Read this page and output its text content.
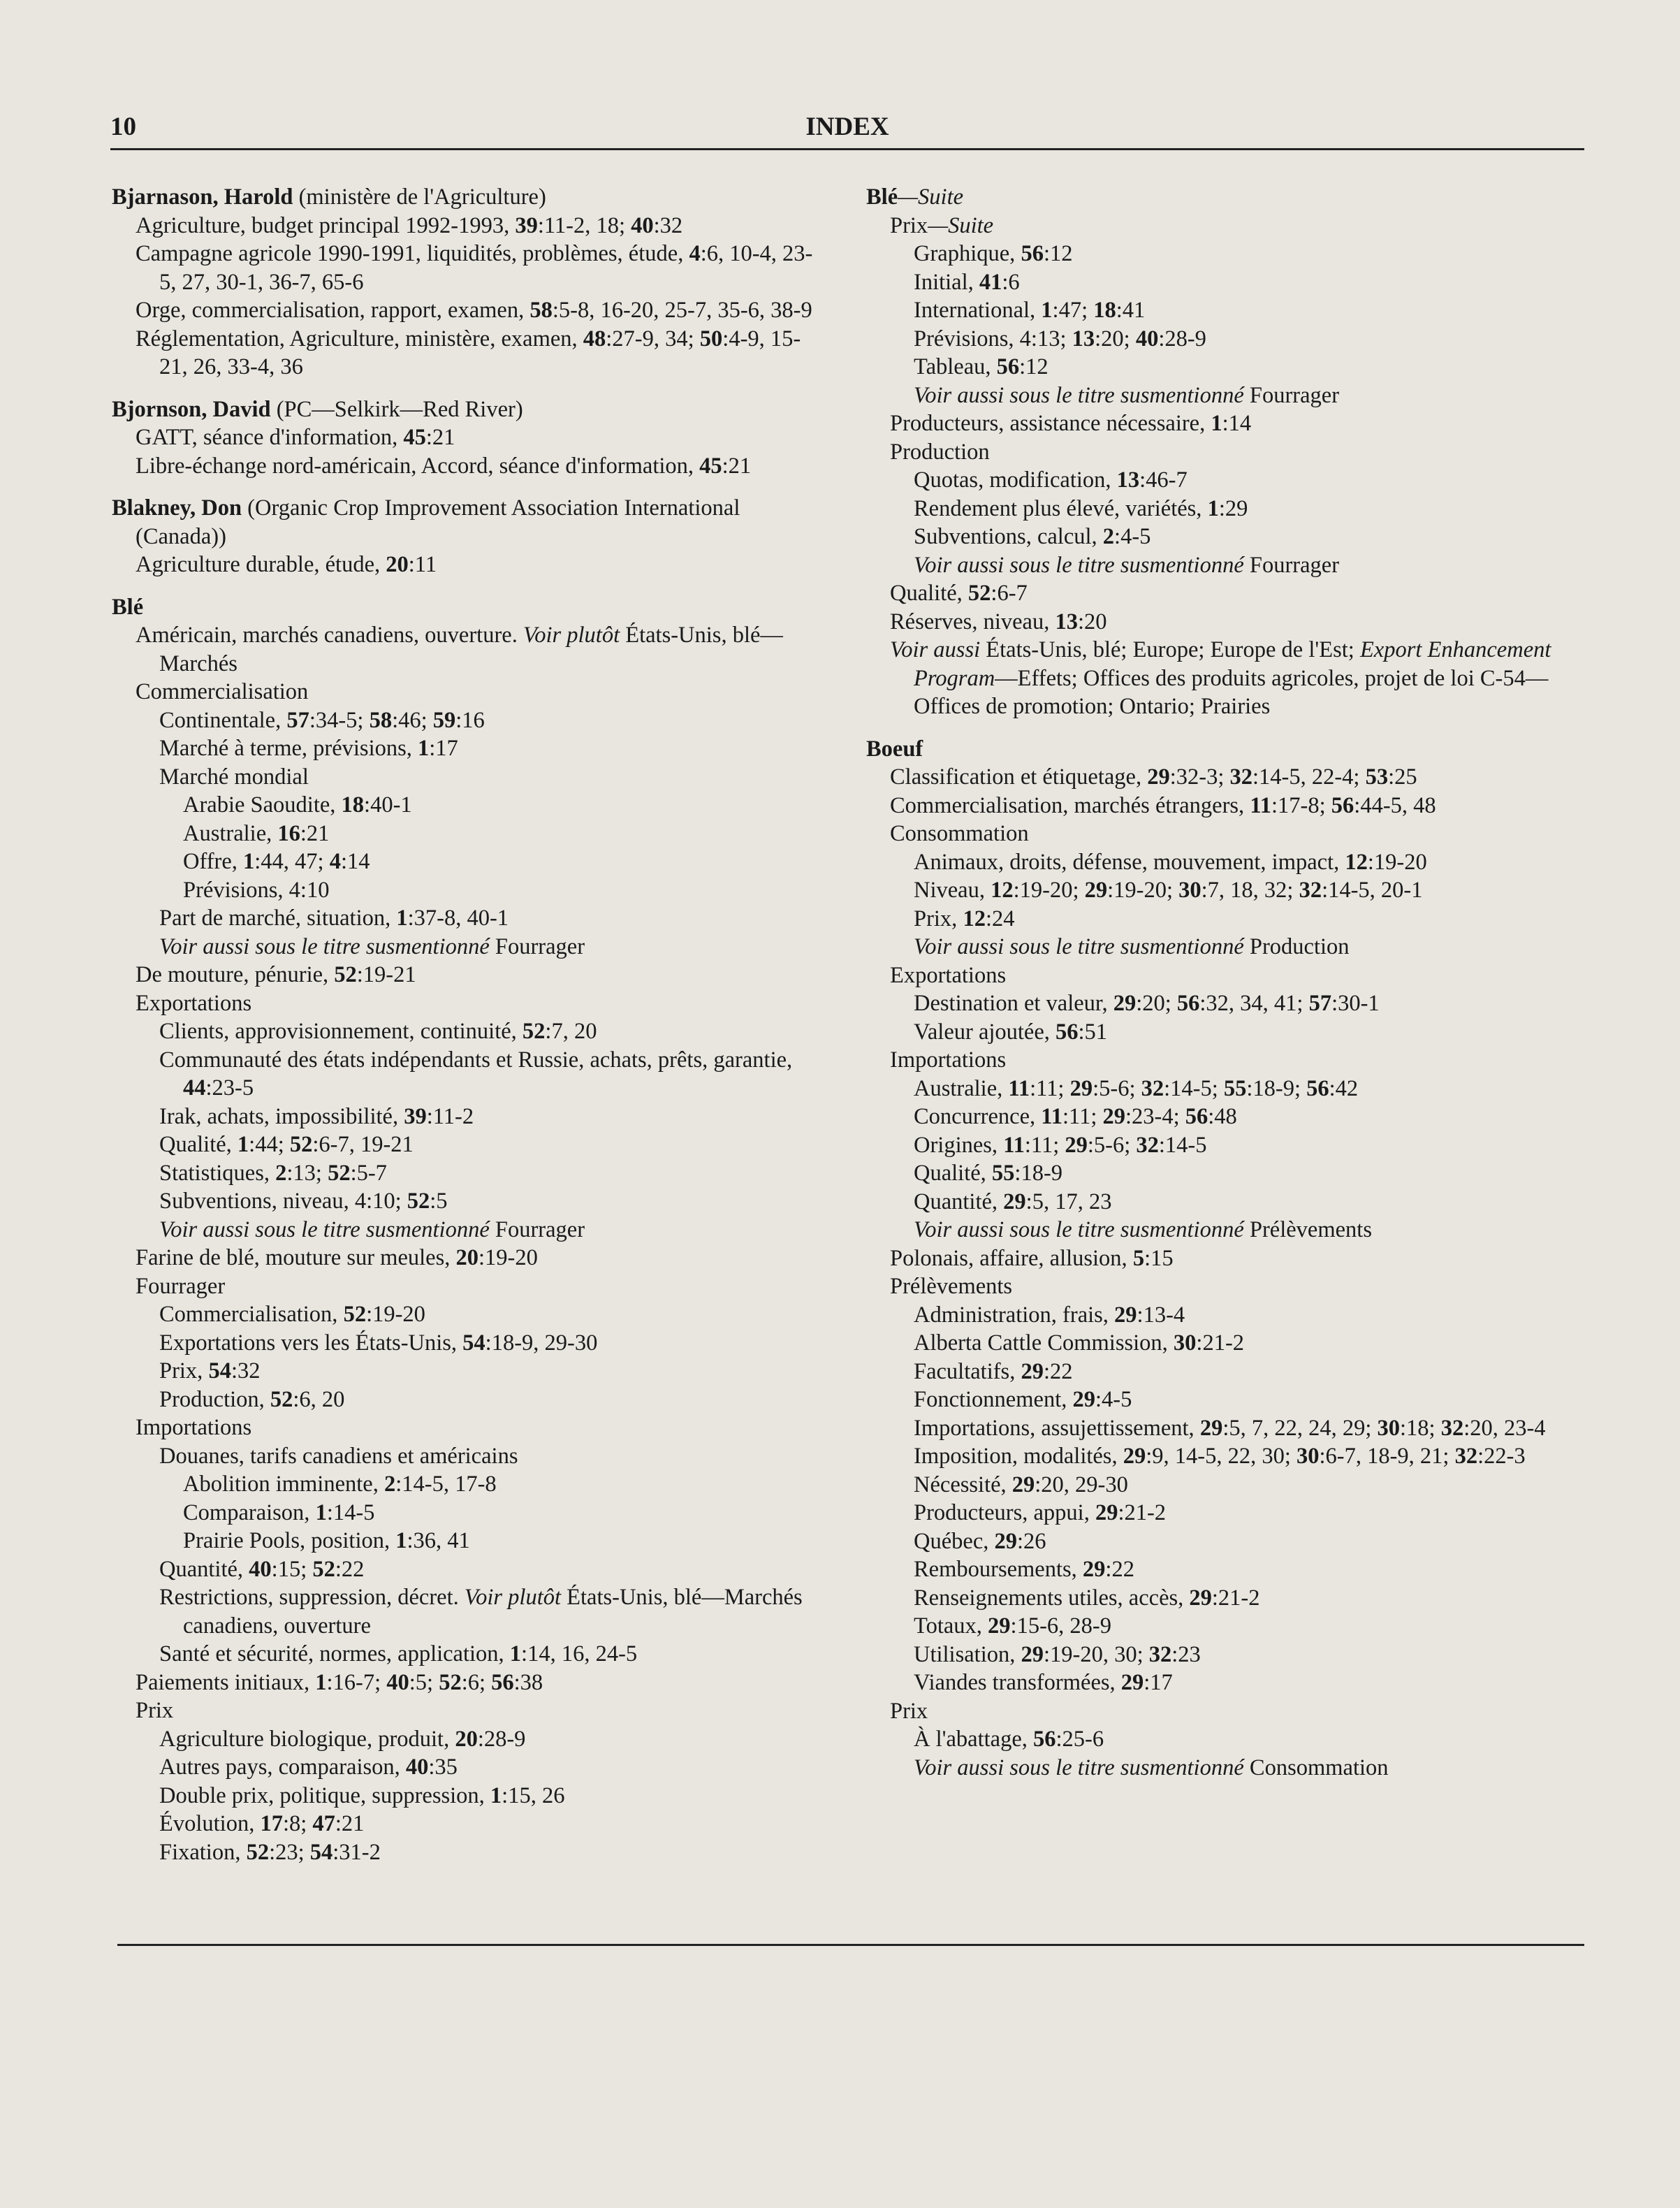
10	INDEX

Bjarnason, Harold (ministère de l'Agriculture)

Agriculture, budget principal 1992-1993, 39:11-2, 18; 40:32

Campagne agricole 1990-1991, liquidités, problèmes, étude, 4:6, 10-4, 23-5, 27, 30-1, 36-7, 65-6

Orge, commercialisation, rapport, examen, 58:5-8, 16-20, 25-7, 35-6, 38-9

Réglementation, Agriculture, ministère, examen, 48:27-9, 34; 50:4-9, 15-21, 26, 33-4, 36

Bjornson, David (PC—Selkirk—Red River)

GATT, séance d'information, 45:21

Libre-échange nord-américain, Accord, séance d'information, 45:21

Blakney, Don (Organic Crop Improvement Association International (Canada))

Agriculture durable, étude, 20:11

Blé

Américain, marchés canadiens, ouverture. Voir plutôt États-Unis, blé—Marchés

Commercialisation

Continentale, 57:34-5; 58:46; 59:16

Marché à terme, prévisions, 1:17

Marché mondial

Arabie Saoudite, 18:40-1

Australie, 16:21

Offre, 1:44, 47; 4:14

Prévisions, 4:10

Part de marché, situation, 1:37-8, 40-1

Voir aussi sous le titre susmentionné Fourrager

De mouture, pénurie, 52:19-21

Exportations

Clients, approvisionnement, continuité, 52:7, 20

Communauté des états indépendants et Russie, achats, prêts, garantie, 44:23-5

Irak, achats, impossibilité, 39:11-2

Qualité, 1:44; 52:6-7, 19-21

Statistiques, 2:13; 52:5-7

Subventions, niveau, 4:10; 52:5

Voir aussi sous le titre susmentionné Fourrager

Farine de blé, mouture sur meules, 20:19-20

Fourrager

Commercialisation, 52:19-20

Exportations vers les États-Unis, 54:18-9, 29-30

Prix, 54:32

Production, 52:6, 20

Importations

Douanes, tarifs canadiens et américains

Abolition imminente, 2:14-5, 17-8

Comparaison, 1:14-5

Prairie Pools, position, 1:36, 41

Quantité, 40:15; 52:22

Restrictions, suppression, décret. Voir plutôt États-Unis, blé—Marchés canadiens, ouverture

Santé et sécurité, normes, application, 1:14, 16, 24-5

Paiements initiaux, 1:16-7; 40:5; 52:6; 56:38

Prix

Agriculture biologique, produit, 20:28-9

Autres pays, comparaison, 40:35

Double prix, politique, suppression, 1:15, 26

Évolution, 17:8; 47:21

Fixation, 52:23; 54:31-2

Blé—Suite

Prix—Suite

Graphique, 56:12

Initial, 41:6

International, 1:47; 18:41

Prévisions, 4:13; 13:20; 40:28-9

Tableau, 56:12

Voir aussi sous le titre susmentionné Fourrager

Producteurs, assistance nécessaire, 1:14

Production

Quotas, modification, 13:46-7

Rendement plus élevé, variétés, 1:29

Subventions, calcul, 2:4-5

Voir aussi sous le titre susmentionné Fourrager

Qualité, 52:6-7

Réserves, niveau, 13:20

Voir aussi États-Unis, blé; Europe; Europe de l'Est; Export Enhancement Program—Effets; Offices des produits agricoles, projet de loi C-54—Offices de promotion; Ontario; Prairies

Boeuf

Classification et étiquetage, 29:32-3; 32:14-5, 22-4; 53:25

Commercialisation, marchés étrangers, 11:17-8; 56:44-5, 48

Consommation

Animaux, droits, défense, mouvement, impact, 12:19-20

Niveau, 12:19-20; 29:19-20; 30:7, 18, 32; 32:14-5, 20-1

Prix, 12:24

Voir aussi sous le titre susmentionné Production

Exportations

Destination et valeur, 29:20; 56:32, 34, 41; 57:30-1

Valeur ajoutée, 56:51

Importations

Australie, 11:11; 29:5-6; 32:14-5; 55:18-9; 56:42

Concurrence, 11:11; 29:23-4; 56:48

Origines, 11:11; 29:5-6; 32:14-5

Qualité, 55:18-9

Quantité, 29:5, 17, 23

Voir aussi sous le titre susmentionné Prélèvements

Polonais, affaire, allusion, 5:15

Prélèvements

Administration, frais, 29:13-4

Alberta Cattle Commission, 30:21-2

Facultatifs, 29:22

Fonctionnement, 29:4-5

Importations, assujettissement, 29:5, 7, 22, 24, 29; 30:18; 32:20, 23-4

Imposition, modalités, 29:9, 14-5, 22, 30; 30:6-7, 18-9, 21; 32:22-3

Nécessité, 29:20, 29-30

Producteurs, appui, 29:21-2

Québec, 29:26

Remboursements, 29:22

Renseignements utiles, accès, 29:21-2

Totaux, 29:15-6, 28-9

Utilisation, 29:19-20, 30; 32:23

Viandes transformées, 29:17

Prix

À l'abattage, 56:25-6

Voir aussi sous le titre susmentionné Consommation
